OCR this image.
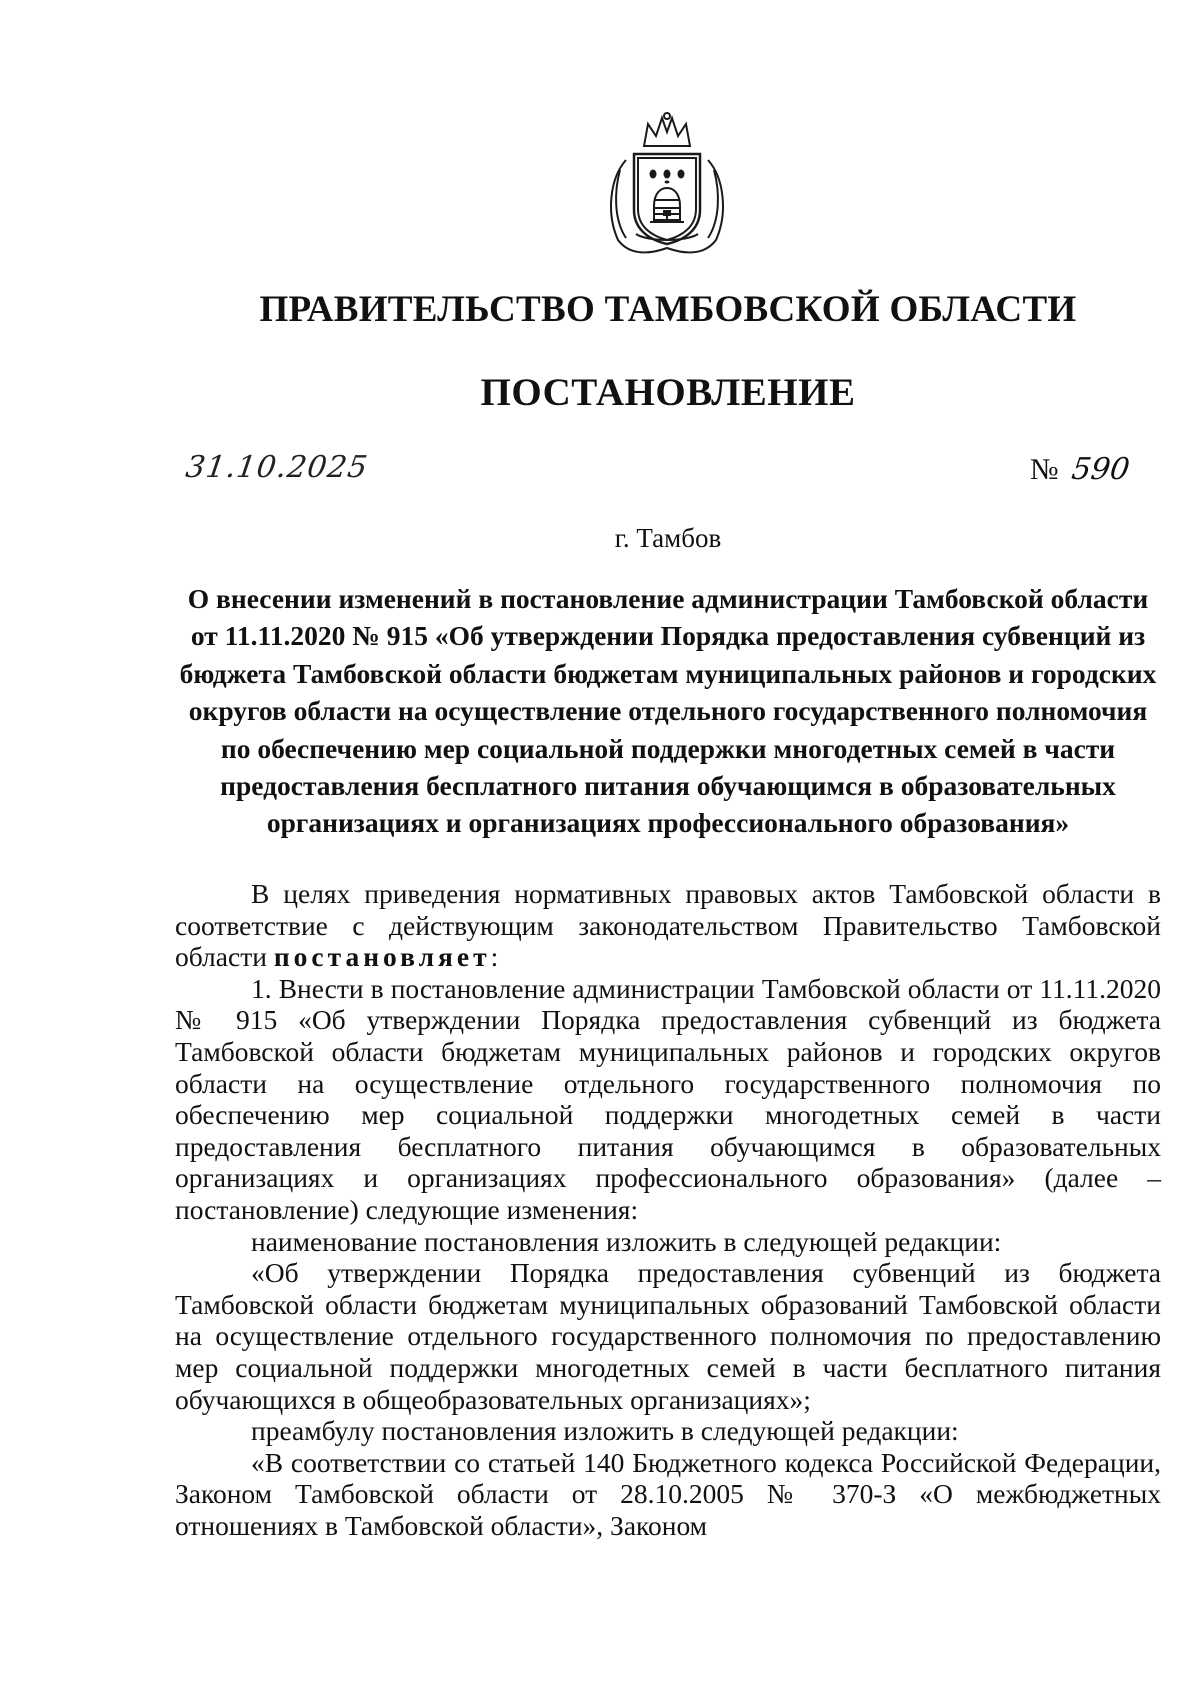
ПРАВИТЕЛЬСТВО ТАМБОВСКОЙ ОБЛАСТИ
ПОСТАНОВЛЕНИЕ
31.10.2025	№ 590
г. Тамбов
О внесении изменений в постановление администрации Тамбовской области от 11.11.2020 № 915 «Об утверждении Порядка предоставления субвенций из бюджета Тамбовской области бюджетам муниципальных районов и городских округов области на осуществление отдельного государственного полномочия по обеспечению мер социальной поддержки многодетных семей в части предоставления бесплатного питания обучающимся в образовательных организациях и организациях профессионального образования»

В целях приведения нормативных правовых актов Тамбовской области в соответствие с действующим законодательством Правительство Тамбовской области постановляет:

1. Внести в постановление администрации Тамбовской области от 11.11.2020 № 915 «Об утверждении Порядка предоставления субвенций из бюджета Тамбовской области бюджетам муниципальных районов и городских округов области на осуществление отдельного государственного полномочия по обеспечению мер социальной поддержки многодетных семей в части предоставления бесплатного питания обучающимся в образовательных организациях и организациях профессионального образования» (далее – постановление) следующие изменения:

наименование постановления изложить в следующей редакции:

«Об утверждении Порядка предоставления субвенций из бюджета Тамбовской области бюджетам муниципальных образований Тамбовской области на осуществление отдельного государственного полномочия по предоставлению мер социальной поддержки многодетных семей в части бесплатного питания обучающихся в общеобразовательных организациях»;

преамбулу постановления изложить в следующей редакции:

«В соответствии со статьей 140 Бюджетного кодекса Российской Федерации, Законом Тамбовской области от 28.10.2005 № 370-З «О межбюджетных отношениях в Тамбовской области», Законом
